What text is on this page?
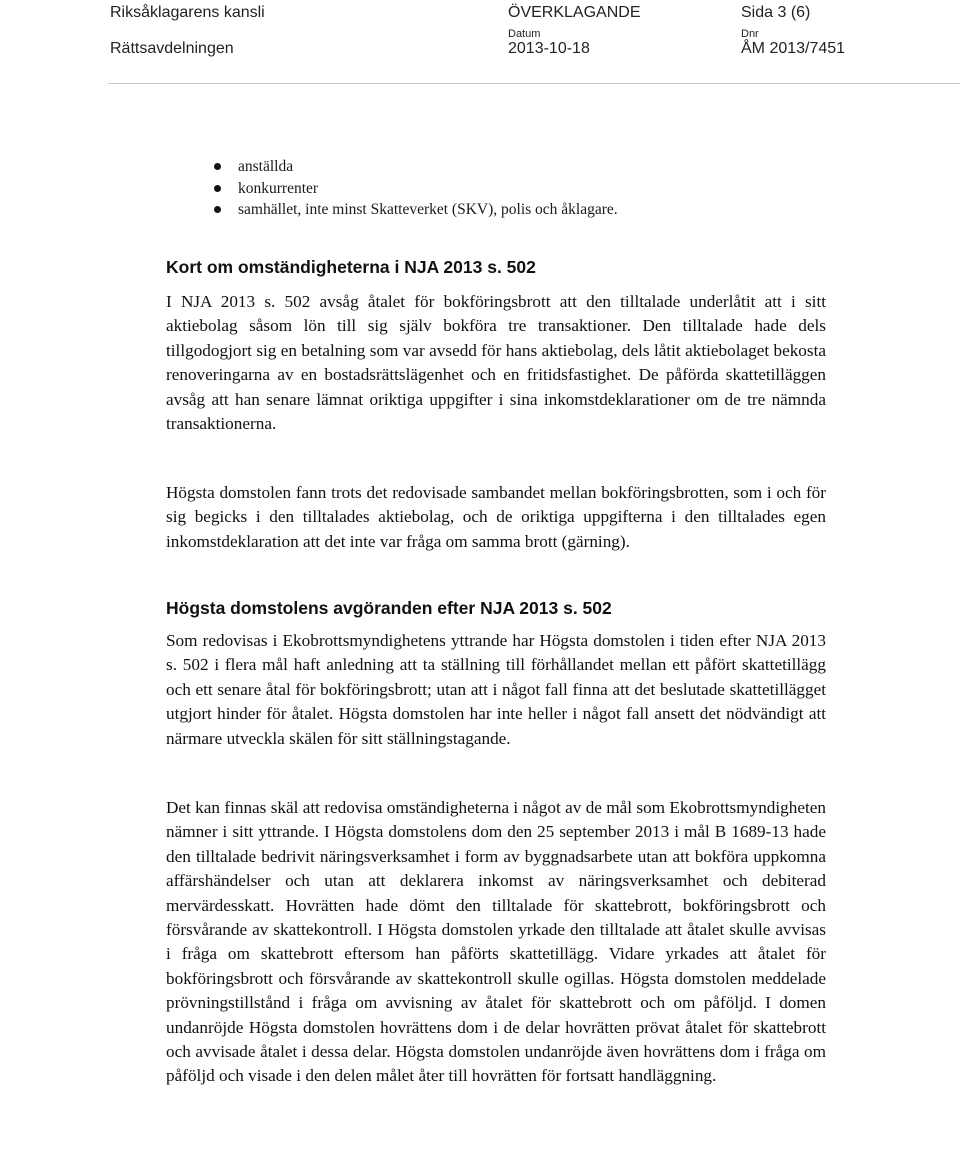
Riksåklagarens kansli
Rättsavdelningen
ÖVERKLAGANDE	Sida 3 (6)
Datum
2013-10-18
Dnr
ÅM 2013/7451
anställda
konkurrenter
samhället, inte minst Skatteverket (SKV), polis och åklagare.
Kort om omständigheterna i NJA 2013 s. 502

I NJA 2013 s. 502 avsåg åtalet för bokföringsbrott att den tilltalade underlåtit att i sitt aktiebolag såsom lön till sig själv bokföra tre transaktioner. Den tilltalade hade dels tillgodogjort sig en betalning som var avsedd för hans aktiebolag, dels låtit aktiebolaget bekosta renoveringarna av en bostadsrättslägenhet och en fritidsfastighet. De påförda skattetilläggen avsåg att han senare lämnat oriktiga uppgifter i sina inkomstdeklarationer om de tre nämnda transaktionerna.

Högsta domstolen fann trots det redovisade sambandet mellan bokföringsbrotten, som i och för sig begicks i den tilltalades aktiebolag, och de oriktiga uppgifterna i den tilltalades egen inkomstdeklaration att det inte var fråga om samma brott (gärning).

Högsta domstolens avgöranden efter NJA 2013 s. 502

Som redovisas i Ekobrottsmyndighetens yttrande har Högsta domstolen i tiden efter NJA 2013 s. 502 i flera mål haft anledning att ta ställning till förhållandet mellan ett påfört skattetillägg och ett senare åtal för bokföringsbrott; utan att i något fall finna att det beslutade skattetillägget utgjort hinder för åtalet. Högsta domstolen har inte heller i något fall ansett det nödvändigt att närmare utveckla skälen för sitt ställningstagande.

Det kan finnas skäl att redovisa omständigheterna i något av de mål som Ekobrottsmyndigheten nämner i sitt yttrande. I Högsta domstolens dom den 25 september 2013 i mål B 1689-13 hade den tilltalade bedrivit näringsverksamhet i form av byggnadsarbete utan att bokföra uppkomna affärshändelser och utan att deklarera inkomst av näringsverksamhet och debiterad mervärdesskatt. Hovrätten hade dömt den tilltalade för skattebrott, bokföringsbrott och försvårande av skattekontroll. I Högsta domstolen yrkade den tilltalade att åtalet skulle avvisas i fråga om skattebrott eftersom han påförts skattetillägg. Vidare yrkades att åtalet för bokföringsbrott och försvårande av skattekontroll skulle ogillas. Högsta domstolen meddelade prövningstillstånd i fråga om avvisning av åtalet för skattebrott och om påföljd. I domen undanröjde Högsta domstolen hovrättens dom i de delar hovrätten prövat åtalet för skattebrott och avvisade åtalet i dessa delar. Högsta domstolen undanröjde även hovrättens dom i fråga om påföljd och visade i den delen målet åter till hovrätten för fortsatt handläggning.
